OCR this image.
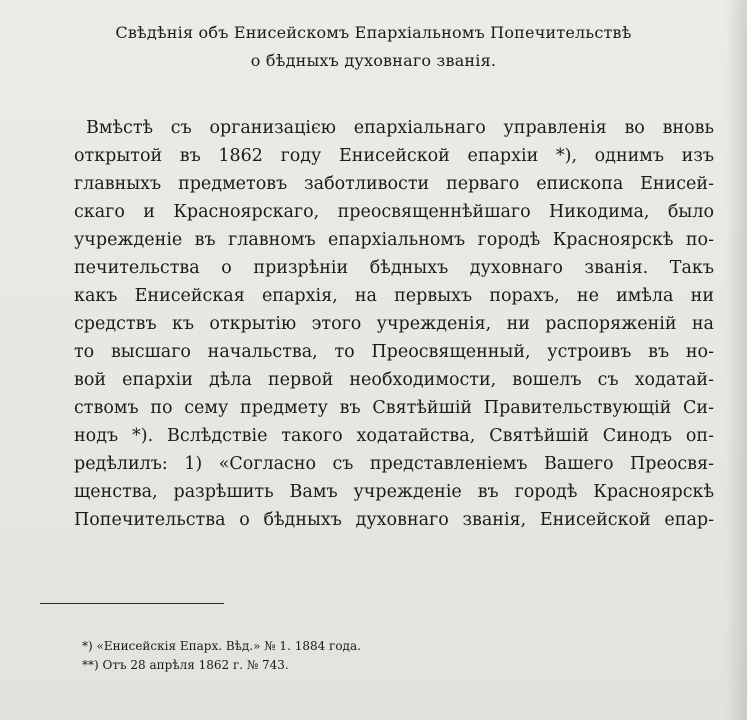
Свѣдѣнія объ Енисейскомъ Епархіальномъ Попечительствѣ
о бѣдныхъ духовнаго званія.
Вмѣстѣ съ организацією епархіальнаго управленія во вновь
открытой въ 1862 году Енисейской епархіи *), однимъ изъ
главныхъ предметовъ заботливости перваго епископа Енисей-
скаго и Красноярскаго, преосвященнѣйшаго Никодима, было
учрежденіе въ главномъ епархіальномъ городѣ Красноярскѣ по-
печительства о призрѣніи бѣдныхъ духовнаго званія. Такъ
какъ Енисейская епархія, на первыхъ порахъ, не имѣла ни
средствъ къ открытію этого учрежденія, ни распоряженій на
то высшаго начальства, то Преосвященный, устроивъ въ но-
вой епархіи дѣла первой необходимости, вошелъ съ ходатай-
ствомъ по сему предмету въ Святѣйшій Правительствующій Си-
нодъ *). Вслѣдствіе такого ходатайства, Святѣйшій Синодъ оп-
редѣлилъ: 1) «Согласно съ представленіемъ Вашего Преосвя-
щенства, разрѣшить Вамъ учрежденіе въ городѣ Красноярскѣ
Попечительства о бѣдныхъ духовнаго званія, Енисейской епар-
*) «Енисейскія Епарх. Вѣд.» № 1. 1884 года.
**) Отъ 28 апрѣля 1862 г. № 743.
